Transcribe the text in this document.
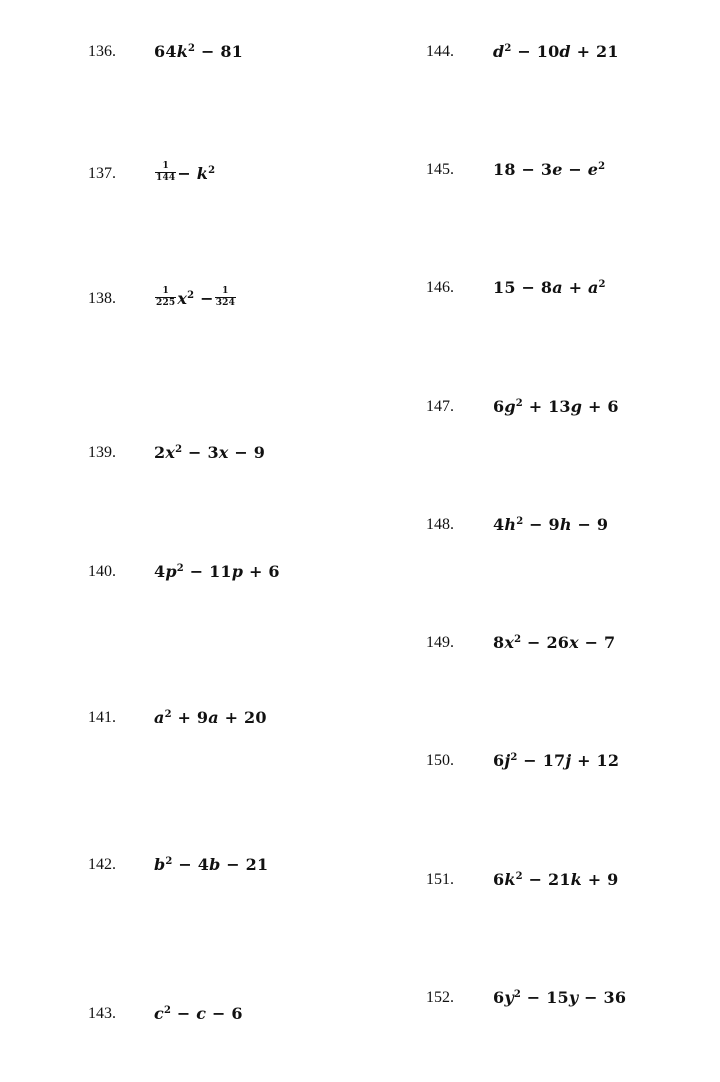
136. $64k^2 - 81$
137.	$\frac{1}{144} - k^2$
138.	$\frac{1}{225} x^2 - \frac{1}{324}$
139. $2x^2 - 3x - 9$
140. $4p^2 - 11p + 6$
141. $a^2 + 9a + 20$
142. $b^2 - 4b - 21$
143. $c^2 - c - 6$
144. $d^2 - 10d + 21$
145. $18 - 3e - e^2$
146. $15 - 8a + a^2$
147. $6g^2 + 13g + 6$
148. $4h^2 - 9h - 9$
149. $8x^2 - 26x - 7$
150. $6j^2 - 17j + 12$
151. $6k^2 - 21k + 9$
152. $6y^2 - 15y - 36$
